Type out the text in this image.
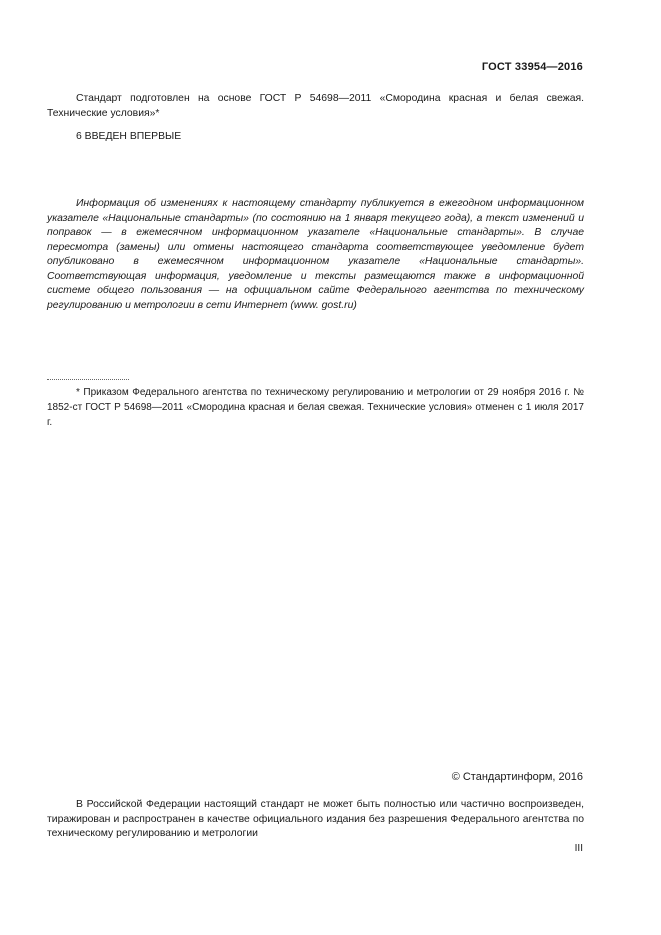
ГОСТ 33954—2016

Стандарт подготовлен на основе ГОСТ Р 54698—2011 «Смородина красная и белая свежая. Технические условия»*

6 ВВЕДЕН ВПЕРВЫЕ

Информация об изменениях к настоящему стандарту публикуется в ежегодном информационном указателе «Национальные стандарты» (по состоянию на 1 января текущего года), а текст изменений и поправок — в ежемесячном информационном указателе «Национальные стандарты». В случае пересмотра (замены) или отмены настоящего стандарта соответствующее уведомление будет опубликовано в ежемесячном информационном указателе «Национальные стандарты». Соответствующая информация, уведомление и тексты размещаются также в информационной системе общего пользования — на официальном сайте Федерального агентства по техническому регулированию и метрологии в сети Интернет (www. gost.ru)

* Приказом Федерального агентства по техническому регулированию и метрологии от 29 ноября 2016 г. № 1852-ст ГОСТ Р 54698—2011 «Смородина красная и белая свежая. Технические условия» отменен с 1 июля 2017 г.

© Стандартинформ, 2016

В Российской Федерации настоящий стандарт не может быть полностью или частично воспроизведен, тиражирован и распространен в качестве официального издания без разрешения Федерального агентства по техническому регулированию и метрологии

III
